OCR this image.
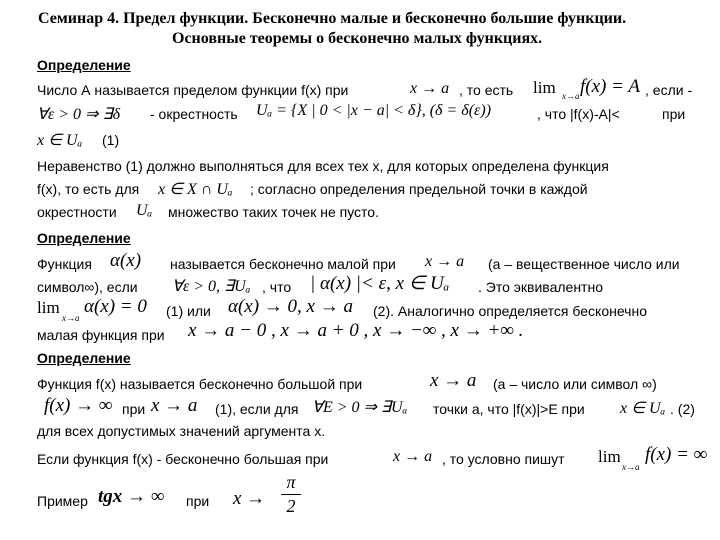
Семинар 4. Предел функции. Бесконечно малые и бесконечно большие функции.
Основные теоремы о бесконечно малых функциях.
Определение
Число А называется пределом функции f(x) при	x → a , то есть lim x→a f(x) = A , если -
∀ε > 0 ⇒ ∃δ - окрестность Uₐ = {X | 0 < |x − a| < δ}, (δ = δ(ε))	, что |f(x)-A|<	при
x ∈ Uₐ (1)
Неравенство (1) должно выполняться для всех тех x, для которых определена функция
f(x), то есть для x ∈ X ∩ Uₐ ; согласно определения предельной точки в каждой
окрестности Uₐ множество таких точек не пусто.
Определение
Функция α(x) называется бесконечно малой при x → a (а – вещественное число или
символ∞), если ∀ε > 0, ∃Uₐ , что | α(x) |< ε, x ∈ Uₐ . Это эквивалентно
lim
x→a
α(x) = 0 (1) или α(x) → 0, x → a (2). Аналогично определяется бесконечно
малая функция при x → a − 0 , x → a + 0 , x → −∞ , x → +∞ .
Определение
Функция f(x) называется бесконечно большой при	x → a (а – число или символ ∞)
f(x) → ∞ при x → a (1), если для ∀E > 0 ⇒ ∃Uₐ точки а, что |f(x)|>E при x ∈ Uₐ . (2)
для всех допустимых значений аргумента x.
Если функция f(x) - бесконечно большая при	x → a , то условно пишут lim
x→a
f(x) = ∞
Пример tgx → ∞ при x →
π
2
